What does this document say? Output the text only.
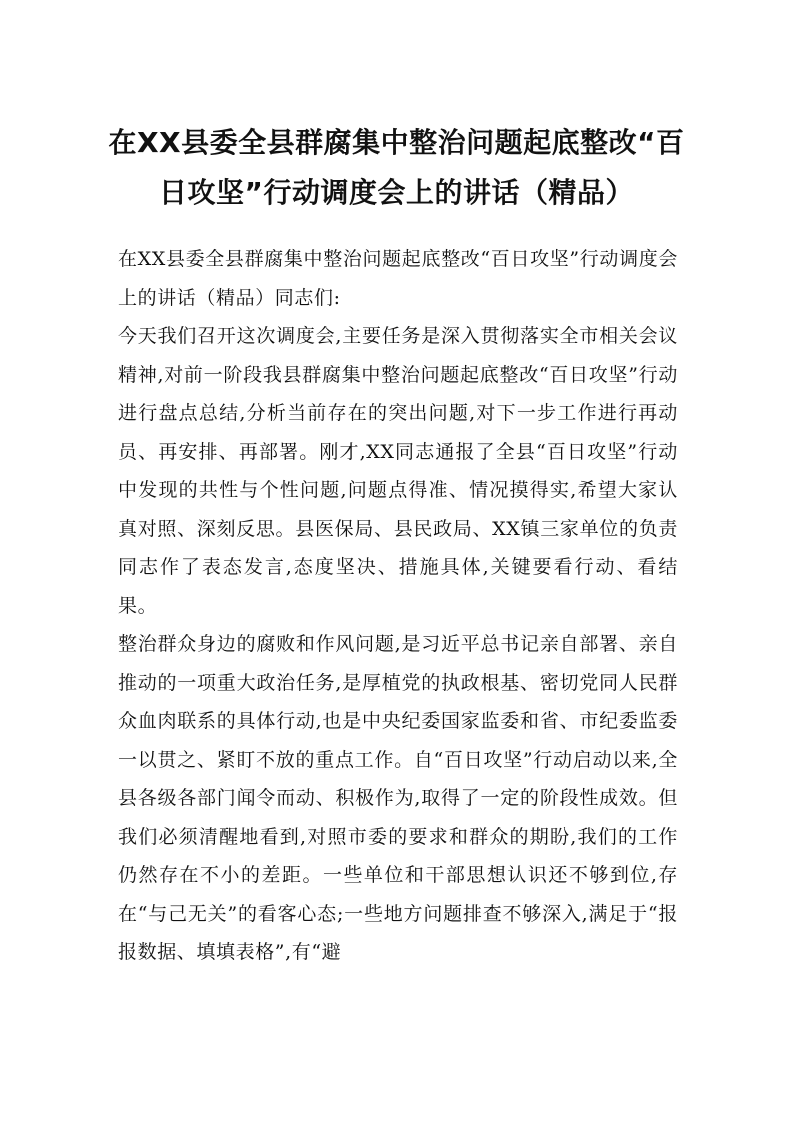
在XX县委全县群腐集中整治问题起底整改“百日攻坚”行动调度会上的讲话（精品）

在XX县委全县群腐集中整治问题起底整改“百日攻坚”行动调度会上的讲话（精品）同志们:

今天我们召开这次调度会,主要任务是深入贯彻落实全市相关会议精神,对前一阶段我县群腐集中整治问题起底整改“百日攻坚”行动进行盘点总结,分析当前存在的突出问题,对下一步工作进行再动员、再安排、再部署。刚才,XX同志通报了全县“百日攻坚”行动中发现的共性与个性问题,问题点得准、情况摸得实,希望大家认真对照、深刻反思。县医保局、县民政局、XX镇三家单位的负责同志作了表态发言,态度坚决、措施具体,关键要看行动、看结果。

整治群众身边的腐败和作风问题,是习近平总书记亲自部署、亲自推动的一项重大政治任务,是厚植党的执政根基、密切党同人民群众血肉联系的具体行动,也是中央纪委国家监委和省、市纪委监委一以贯之、紧盯不放的重点工作。自“百日攻坚”行动启动以来,全县各级各部门闻令而动、积极作为,取得了一定的阶段性成效。但我们必须清醒地看到,对照市委的要求和群众的期盼,我们的工作仍然存在不小的差距。一些单位和干部思想认识还不够到位,存在“与己无关”的看客心态;一些地方问题排查不够深入,满足于“报报数据、填填表格”,有“避
